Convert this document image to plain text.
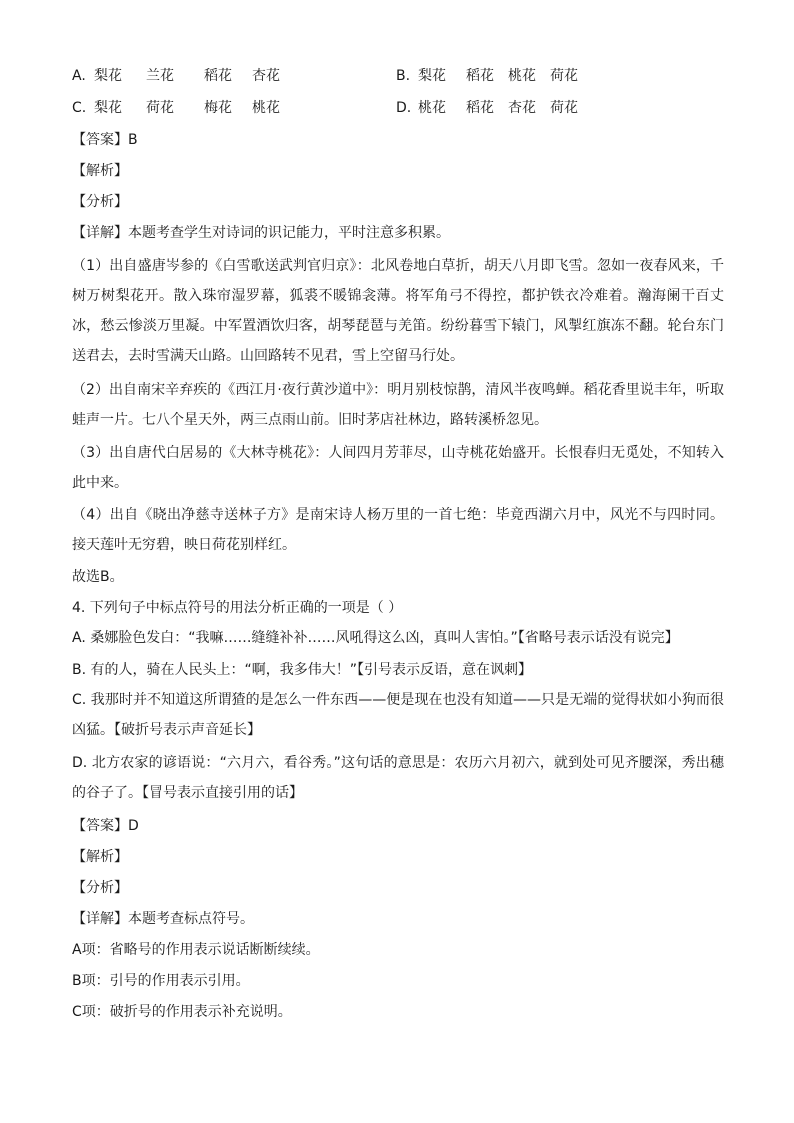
A. 梨花 兰花 稻花 杏花	B. 梨花 稻花 桃花 荷花
C. 梨花 荷花 梅花 桃花	D. 桃花 稻花 杏花 荷花
【答案】B
【解析】
【分析】
【详解】本题考查学生对诗词的识记能力，平时注意多积累。
（1）出自盛唐岑参的《白雪歌送武判官归京》：北风卷地白草折，胡天八月即飞雪。忽如一夜春风来，千树万树梨花开。散入珠帘湿罗幕，狐裘不暖锦衾薄。将军角弓不得控，都护铁衣冷难着。瀚海阑干百丈冰，愁云惨淡万里凝。中军置酒饮归客，胡琴琵琶与羌笛。纷纷暮雪下辕门，风掣红旗冻不翻。轮台东门送君去，去时雪满天山路。山回路转不见君，雪上空留马行处。
（2）出自南宋辛弃疾的《西江月·夜行黄沙道中》：明月别枝惊鹊，清风半夜鸣蝉。稻花香里说丰年，听取蛙声一片。七八个星天外，两三点雨山前。旧时茅店社林边，路转溪桥忽见。
（3）出自唐代白居易的《大林寺桃花》：人间四月芳菲尽，山寺桃花始盛开。长恨春归无觅处，不知转入此中来。
（4）出自《晓出净慈寺送林子方》是南宋诗人杨万里的一首七绝：毕竟西湖六月中，风光不与四时同。接天莲叶无穷碧，映日荷花别样红。
故选B。
4. 下列句子中标点符号的用法分析正确的一项是（ ）
A. 桑娜脸色发白：“我嘛……缝缝补补……风吼得这么凶，真叫人害怕。”【省略号表示话没有说完】
B. 有的人，骑在人民头上：“啊，我多伟大！”【引号表示反语，意在讽刺】
C. 我那时并不知道这所谓猹的是怎么一件东西——便是现在也没有知道——只是无端的觉得状如小狗而很凶猛。【破折号表示声音延长】
D. 北方农家的谚语说：“六月六，看谷秀。”这句话的意思是：农历六月初六，就到处可见齐腰深，秀出穗的谷子了。【冒号表示直接引用的话】
【答案】D
【解析】
【分析】
【详解】本题考查标点符号。
A项：省略号的作用表示说话断断续续。
B项：引号的作用表示引用。
C项：破折号的作用表示补充说明。
